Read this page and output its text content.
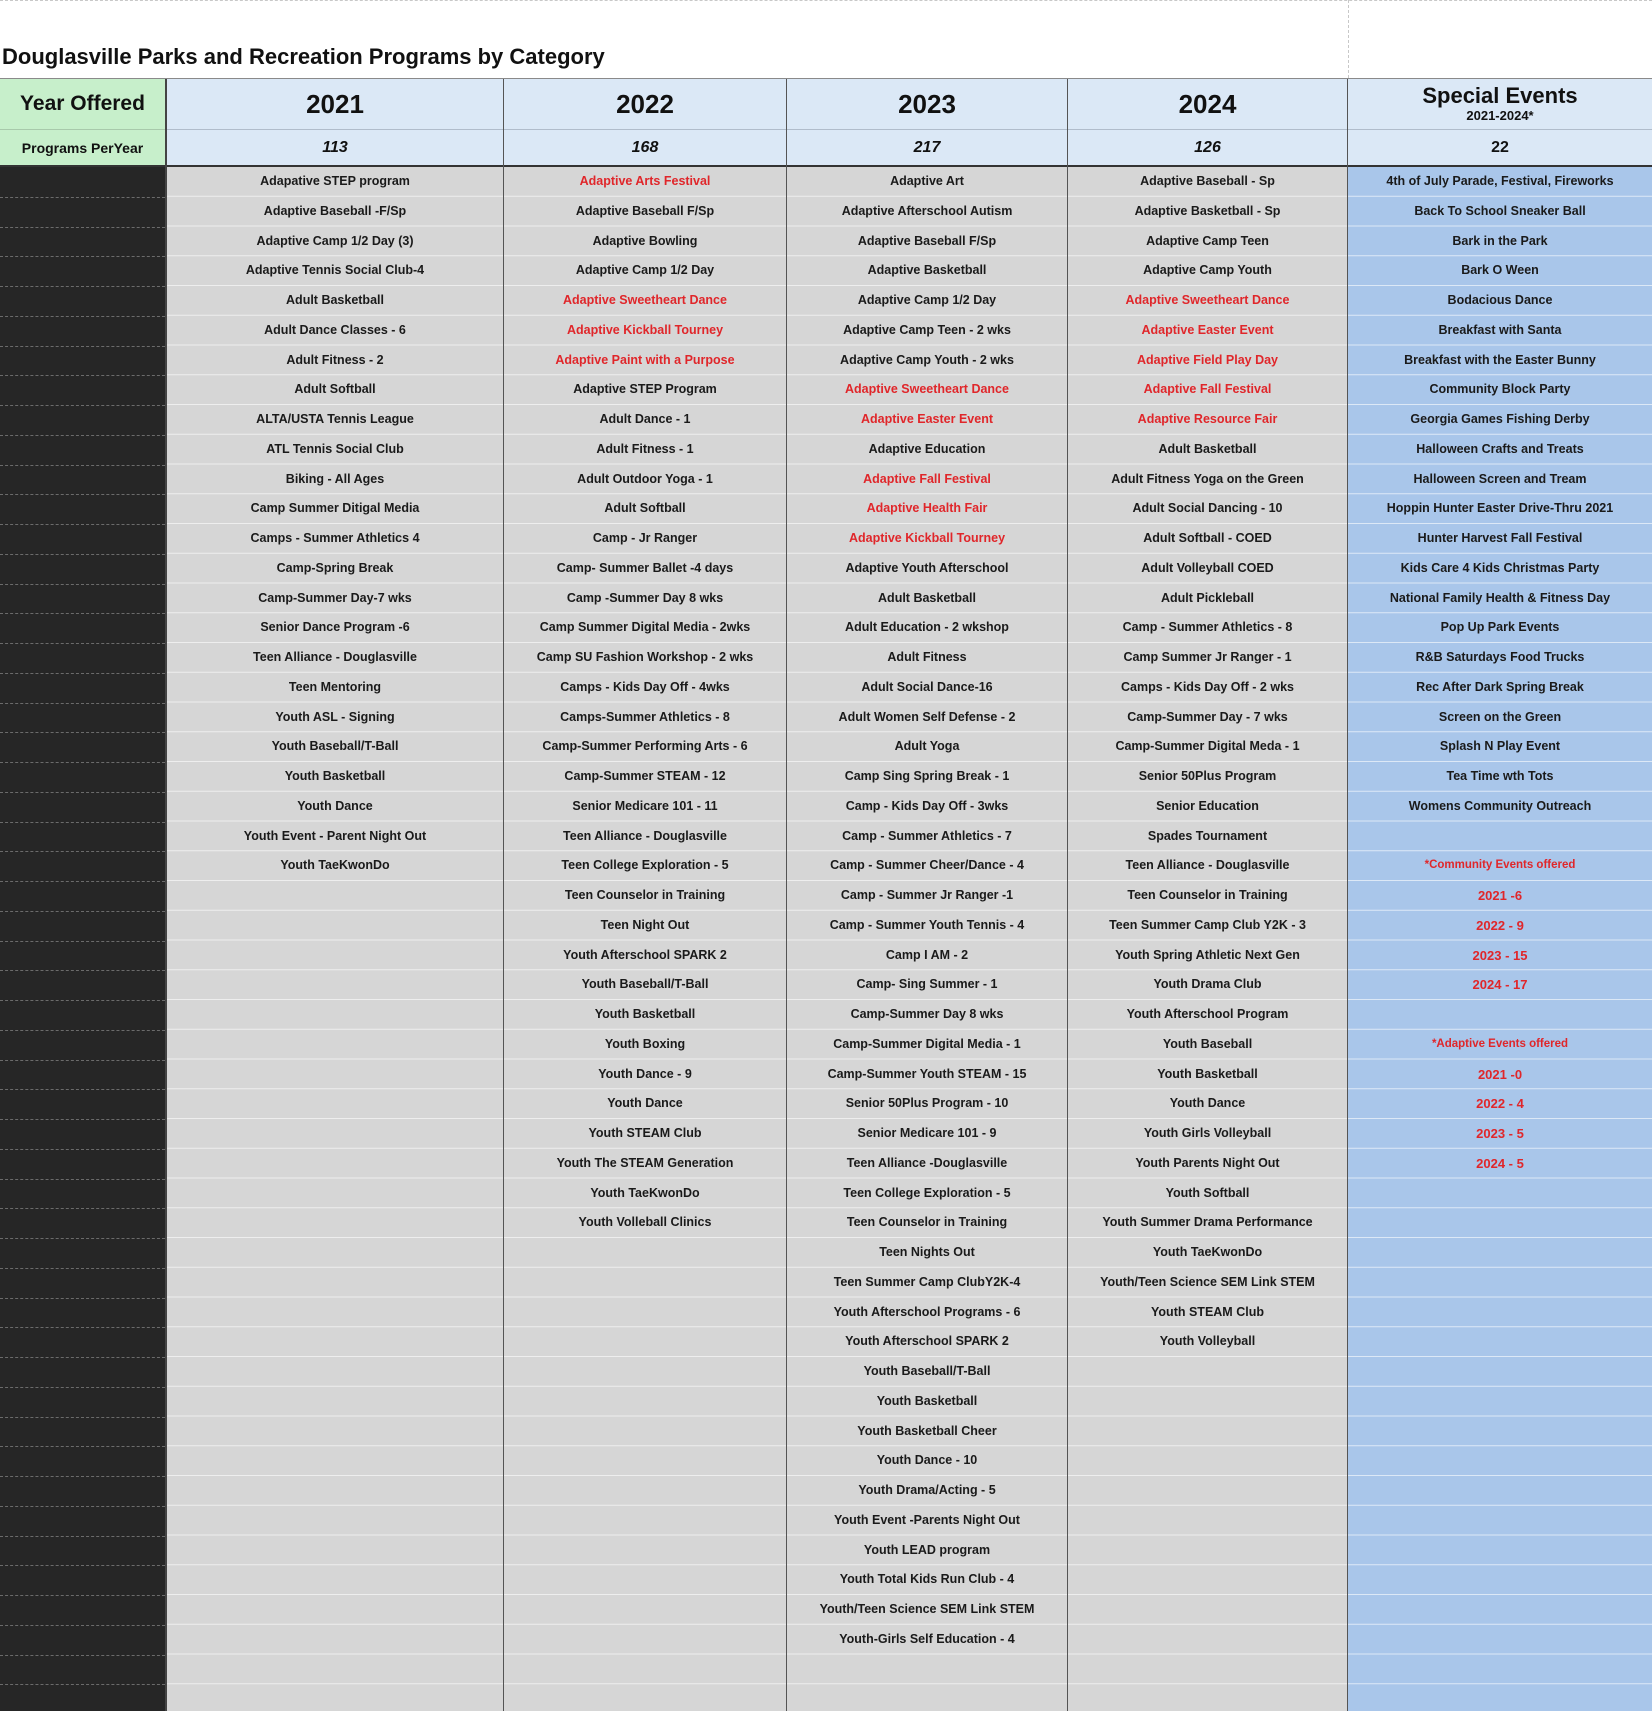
Douglasville Parks and Recreation Programs by Category
Year Offered
Programs PerYear
2021
113
Adapative STEP program
Adaptive Baseball -F/Sp
Adaptive Camp 1/2 Day (3)
Adaptive Tennis Social Club-4
Adult Basketball
Adult Dance Classes - 6
Adult Fitness - 2
Adult Softball
ALTA/USTA Tennis League
ATL Tennis Social Club
Biking - All Ages
Camp Summer Ditigal Media
Camps - Summer Athletics 4
Camp-Spring Break
Camp-Summer Day-7 wks
Senior Dance Program -6
Teen Alliance - Douglasville
Teen Mentoring
Youth ASL - Signing
Youth Baseball/T-Ball
Youth Basketball
Youth Dance
Youth Event - Parent Night Out
Youth TaeKwonDo
2022
168
Adaptive Arts Festival
Adaptive Baseball F/Sp
Adaptive Bowling
Adaptive Camp 1/2 Day
Adaptive Sweetheart Dance
Adaptive Kickball Tourney
Adaptive Paint with a Purpose
Adaptive STEP Program
Adult Dance - 1
Adult Fitness - 1
Adult Outdoor Yoga - 1
Adult Softball
Camp - Jr Ranger
Camp- Summer Ballet -4 days
Camp -Summer Day 8 wks
Camp Summer Digital Media - 2wks
Camp SU Fashion Workshop - 2 wks
Camps - Kids Day Off - 4wks
Camps-Summer Athletics - 8
Camp-Summer Performing Arts - 6
Camp-Summer STEAM - 12
Senior Medicare 101 - 11
Teen Alliance - Douglasville
Teen College Exploration - 5
Teen Counselor in Training
Teen Night Out
Youth Afterschool SPARK 2
Youth Baseball/T-Ball
Youth Basketball
Youth Boxing
Youth Dance - 9
Youth Dance
Youth STEAM Club
Youth The STEAM Generation
Youth TaeKwonDo
Youth Volleball Clinics
2023
217
Adaptive Art
Adaptive Afterschool Autism
Adaptive Baseball F/Sp
Adaptive Basketball
Adaptive Camp 1/2 Day
Adaptive Camp Teen - 2 wks
Adaptive Camp Youth - 2 wks
Adaptive Sweetheart Dance
Adaptive Easter Event
Adaptive Education
Adaptive Fall Festival
Adaptive Health Fair
Adaptive Kickball Tourney
Adaptive Youth Afterschool
Adult Basketball
Adult Education - 2 wkshop
Adult Fitness
Adult Social Dance-16
Adult Women Self Defense - 2
Adult Yoga
Camp Sing Spring Break - 1
Camp - Kids Day Off - 3wks
Camp - Summer Athletics - 7
Camp - Summer Cheer/Dance - 4
Camp - Summer Jr Ranger -1
Camp - Summer Youth Tennis - 4
Camp I AM - 2
Camp- Sing Summer - 1
Camp-Summer Day 8 wks
Camp-Summer Digital Media - 1
Camp-Summer Youth STEAM - 15
Senior 50Plus Program - 10
Senior Medicare 101 - 9
Teen Alliance -Douglasville
Teen College Exploration - 5
Teen Counselor in Training
Teen Nights Out
Teen Summer Camp ClubY2K-4
Youth Afterschool Programs - 6
Youth Afterschool SPARK 2
Youth Baseball/T-Ball
Youth Basketball
Youth Basketball Cheer
Youth Dance - 10
Youth Drama/Acting - 5
Youth Event -Parents Night Out
Youth LEAD program
Youth Total Kids Run Club - 4
Youth/Teen Science SEM Link STEM
Youth-Girls Self Education - 4
2024
126
Adaptive Baseball - Sp
Adaptive Basketball - Sp
Adaptive Camp Teen
Adaptive Camp Youth
Adaptive Sweetheart Dance
Adaptive Easter Event
Adaptive Field Play Day
Adaptive Fall Festival
Adaptive Resource Fair
Adult Basketball
Adult Fitness Yoga on the Green
Adult Social Dancing - 10
Adult Softball - COED
Adult Volleyball COED
Adult Pickleball
Camp - Summer Athletics - 8
Camp Summer Jr Ranger - 1
Camps - Kids Day Off - 2 wks
Camp-Summer Day - 7 wks
Camp-Summer Digital Meda - 1
Senior 50Plus Program
Senior Education
Spades Tournament
Teen Alliance - Douglasville
Teen Counselor in Training
Teen Summer Camp Club Y2K - 3
Youth Spring Athletic Next Gen
Youth Drama Club
Youth Afterschool Program
Youth Baseball
Youth Basketball
Youth Dance
Youth Girls Volleyball
Youth Parents Night Out
Youth Softball
Youth Summer Drama Performance
Youth TaeKwonDo
Youth/Teen Science SEM Link STEM
Youth STEAM Club
Youth Volleyball
Special Events
2021-2024*
22
4th of July Parade, Festival, Fireworks
Back To School Sneaker Ball
Bark in the Park
Bark O Ween
Bodacious Dance
Breakfast with Santa
Breakfast with the Easter Bunny
Community Block Party
Georgia Games Fishing Derby
Halloween Crafts and Treats
Halloween Screen and Tream
Hoppin Hunter Easter Drive-Thru 2021
Hunter Harvest Fall Festival
Kids Care 4 Kids Christmas Party
National Family Health & Fitness Day
Pop Up Park Events
R&B Saturdays Food Trucks
Rec After Dark Spring Break
Screen on the Green
Splash N Play Event
Tea Time wth Tots
Womens Community Outreach
*Community Events offered
2021 -6
2022 - 9
2023 - 15
2024 - 17
*Adaptive Events offered
2021 -0
2022 - 4
2023 - 5
2024 - 5
